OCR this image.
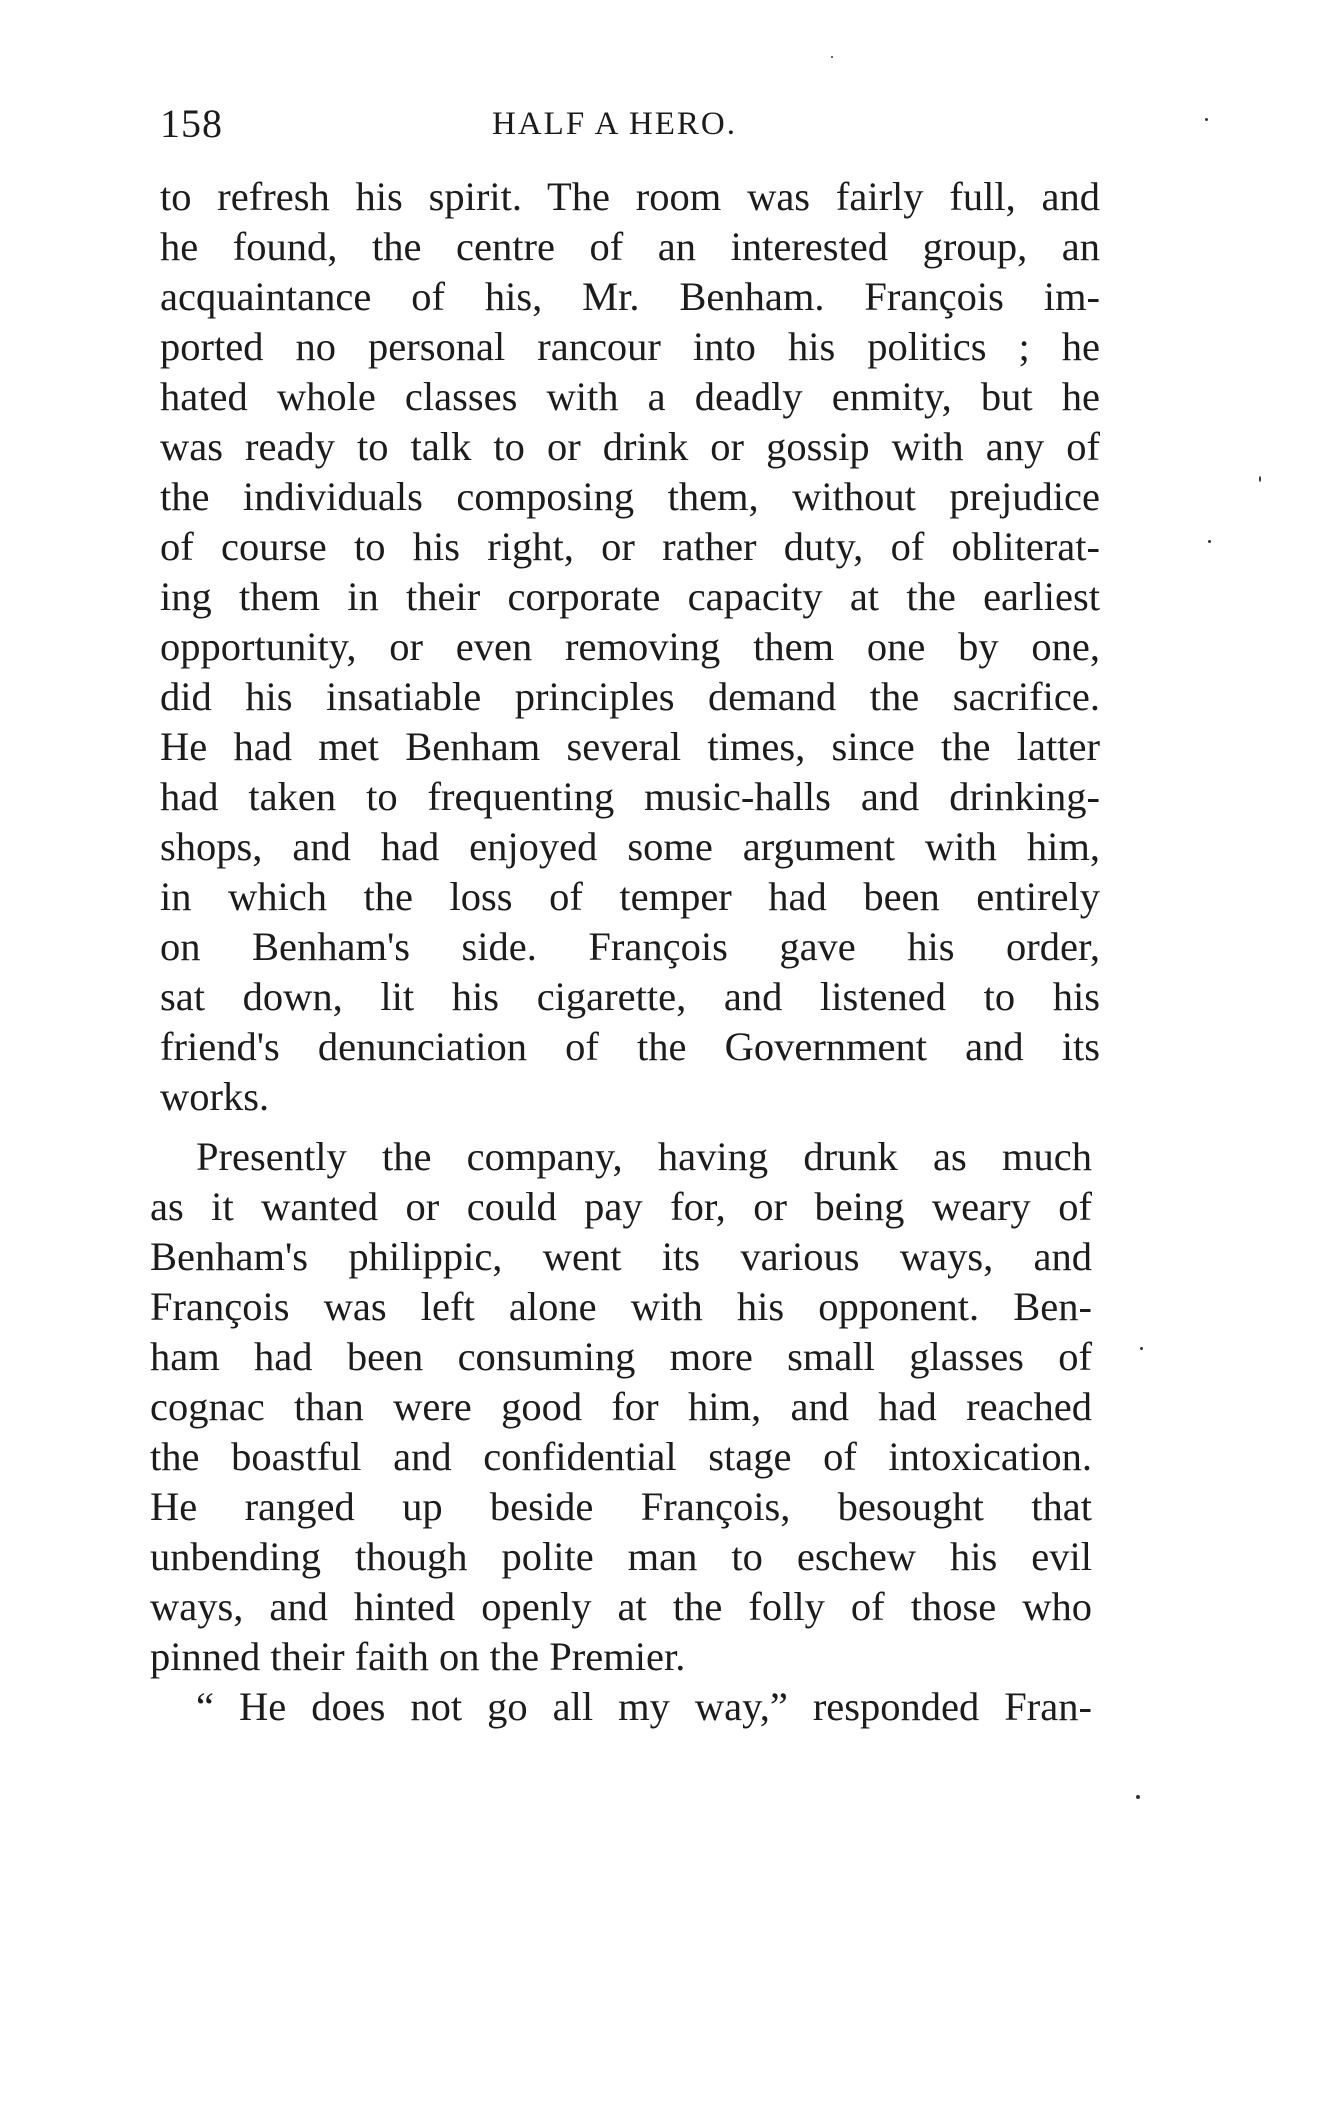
158	HALF A HERO.
to refresh his spirit. The room was fairly full, and
he found, the centre of an interested group, an
acquaintance of his, Mr. Benham. François im-
ported no personal rancour into his politics ; he
hated whole classes with a deadly enmity, but he
was ready to talk to or drink or gossip with any of
the individuals composing them, without prejudice
of course to his right, or rather duty, of obliterat-
ing them in their corporate capacity at the earliest
opportunity, or even removing them one by one,
did his insatiable principles demand the sacrifice.
He had met Benham several times, since the latter
had taken to frequenting music-halls and drinking-
shops, and had enjoyed some argument with him,
in which the loss of temper had been entirely
on Benham's side. François gave his order,
sat down, lit his cigarette, and listened to his
friend's denunciation of the Government and its
works.
Presently the company, having drunk as much
as it wanted or could pay for, or being weary of
Benham's philippic, went its various ways, and
François was left alone with his opponent. Ben-
ham had been consuming more small glasses of
cognac than were good for him, and had reached
the boastful and confidential stage of intoxication.
He ranged up beside François, besought that
unbending though polite man to eschew his evil
ways, and hinted openly at the folly of those who
pinned their faith on the Premier.
“ He does not go all my way,” responded Fran-
